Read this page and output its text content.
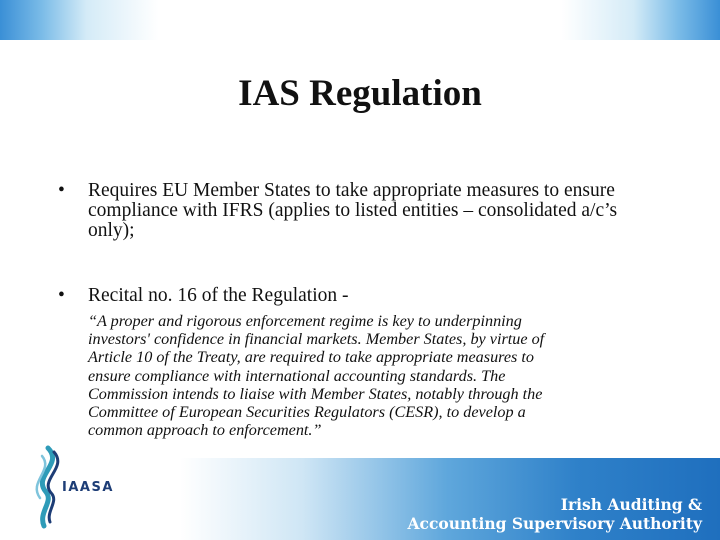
IAS Regulation
• Requires EU Member States to take appropriate measures to ensure compliance with IFRS (applies to listed entities – consolidated a/c’s only);
• Recital no. 16 of the Regulation -
“A proper and rigorous enforcement regime is key to underpinning
investors' confidence in financial markets. Member States, by virtue of
Article 10 of the Treaty, are required to take appropriate measures to
ensure compliance with international accounting standards. The
Commission intends to liaise with Member States, notably through the
Committee of European Securities Regulators (CESR), to develop a
common approach to enforcement.”
IAASA
Irish Auditing &
Accounting Supervisory Authority
